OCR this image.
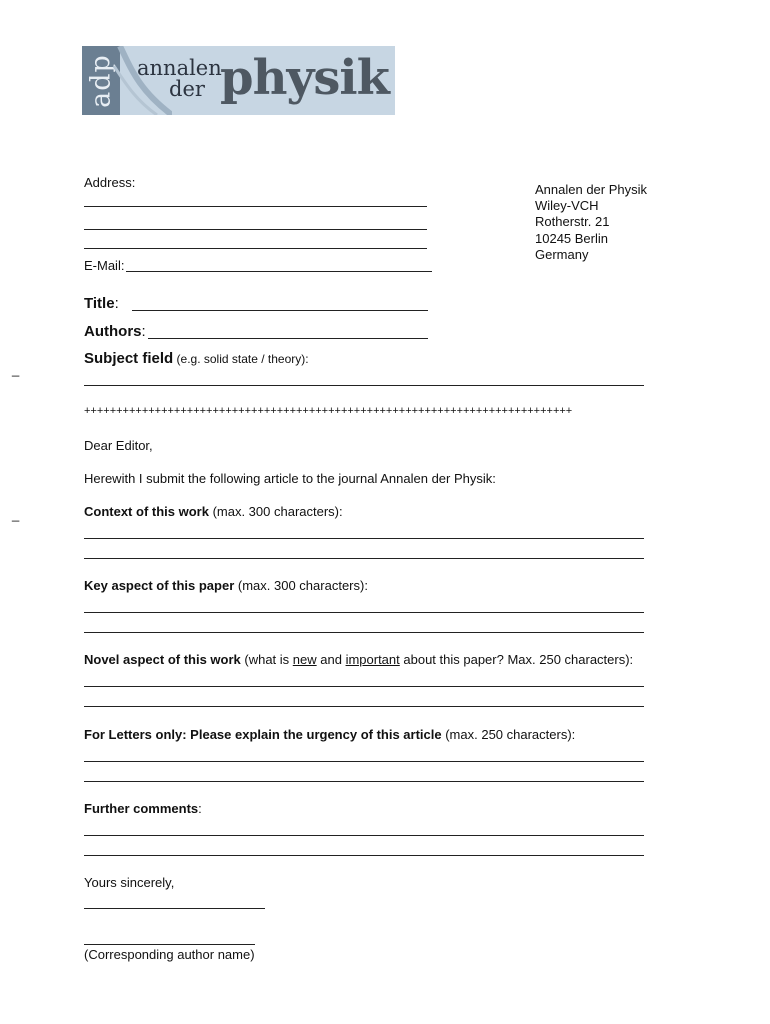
adp annalen
der physik
Address:
E-Mail:
Annalen der Physik
Wiley-VCH
Rotherstr. 21
10245 Berlin
Germany
Title:
Authors:
Subject field (e.g. solid state / theory):
_
_
++++++++++++++++++++++++++++++++++++++++++++++++++++++++++++++++++++++++++++
Dear Editor,
Herewith I submit the following article to the journal Annalen der Physik:
Context of this work (max. 300 characters):
Key aspect of this paper (max. 300 characters):
Novel aspect of this work (what is new and important about this paper? Max. 250 characters):
For Letters only: Please explain the urgency of this article (max. 250 characters):
Further comments:
Yours sincerely,
(Corresponding author name)
